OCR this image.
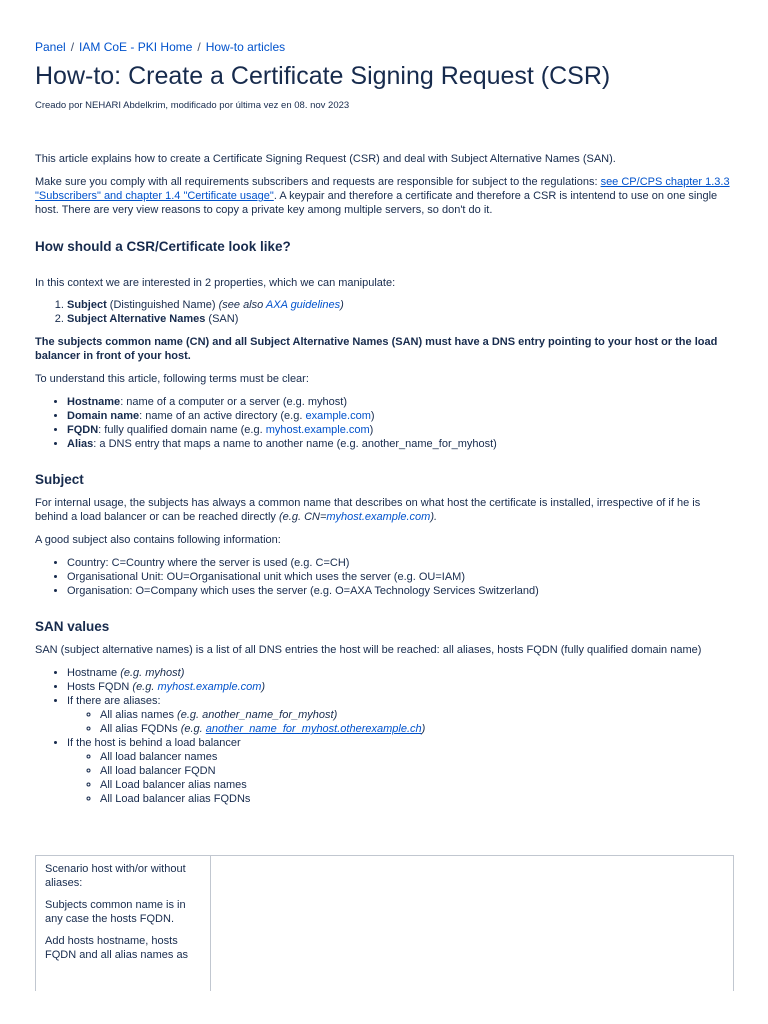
Panel / IAM CoE - PKI Home / How-to articles
How-to: Create a Certificate Signing Request (CSR)
Creado por NEHARI Abdelkrim, modificado por última vez en 08. nov 2023

This article explains how to create a Certificate Signing Request (CSR) and deal with Subject Alternative Names (SAN).

Make sure you comply with all requirements subscribers and requests are responsible for subject to the regulations: see CP/CPS chapter 1.3.3 "Subscribers" and chapter 1.4 "Certificate usage". A keypair and therefore a certificate and therefore a CSR is intentend to use on one single host. There are very view reasons to copy a private key among multiple servers, so don't do it.

How should a CSR/Certificate look like?

In this context we are interested in 2 properties, which we can manipulate:

1. Subject (Distinguished Name) (see also AXA guidelines)
2. Subject Alternative Names (SAN)

The subjects common name (CN) and all Subject Alternative Names (SAN) must have a DNS entry pointing to your host or the load balancer in front of your host.

To understand this article, following terms must be clear:

• Hostname: name of a computer or a server (e.g. myhost)
• Domain name: name of an active directory (e.g. example.com)
• FQDN: fully qualified domain name (e.g. myhost.example.com)
• Alias: a DNS entry that maps a name to another name (e.g. another_name_for_myhost)
Subject

For internal usage, the subjects has always a common name that describes on what host the certificate is installed, irrespective of if he is behind a load balancer or can be reached directly (e.g. CN=myhost.example.com).

A good subject also contains following information:

• Country: C=Country where the server is used (e.g. C=CH)
• Organisational Unit: OU=Organisational unit which uses the server (e.g. OU=IAM)
• Organisation: O=Company which uses the server (e.g. O=AXA Technology Services Switzerland)
SAN values

SAN (subject alternative names) is a list of all DNS entries the host will be reached: all aliases, hosts FQDN (fully qualified domain name)

• Hostname (e.g. myhost)
• Hosts FQDN (e.g. myhost.example.com)
• If there are aliases:
◦ All alias names (e.g. another_name_for_myhost)
◦ All alias FQDNs (e.g. another_name_for_myhost.otherexample.ch)
• If the host is behind a load balancer
◦ All load balancer names
◦ All load balancer FQDN
◦ All Load balancer alias names
◦ All Load balancer alias FQDNs

Scenario host with/or without aliases:

Subjects common name is in any case the hosts FQDN.

Add hosts hostname, hosts FQDN and all alias names as
